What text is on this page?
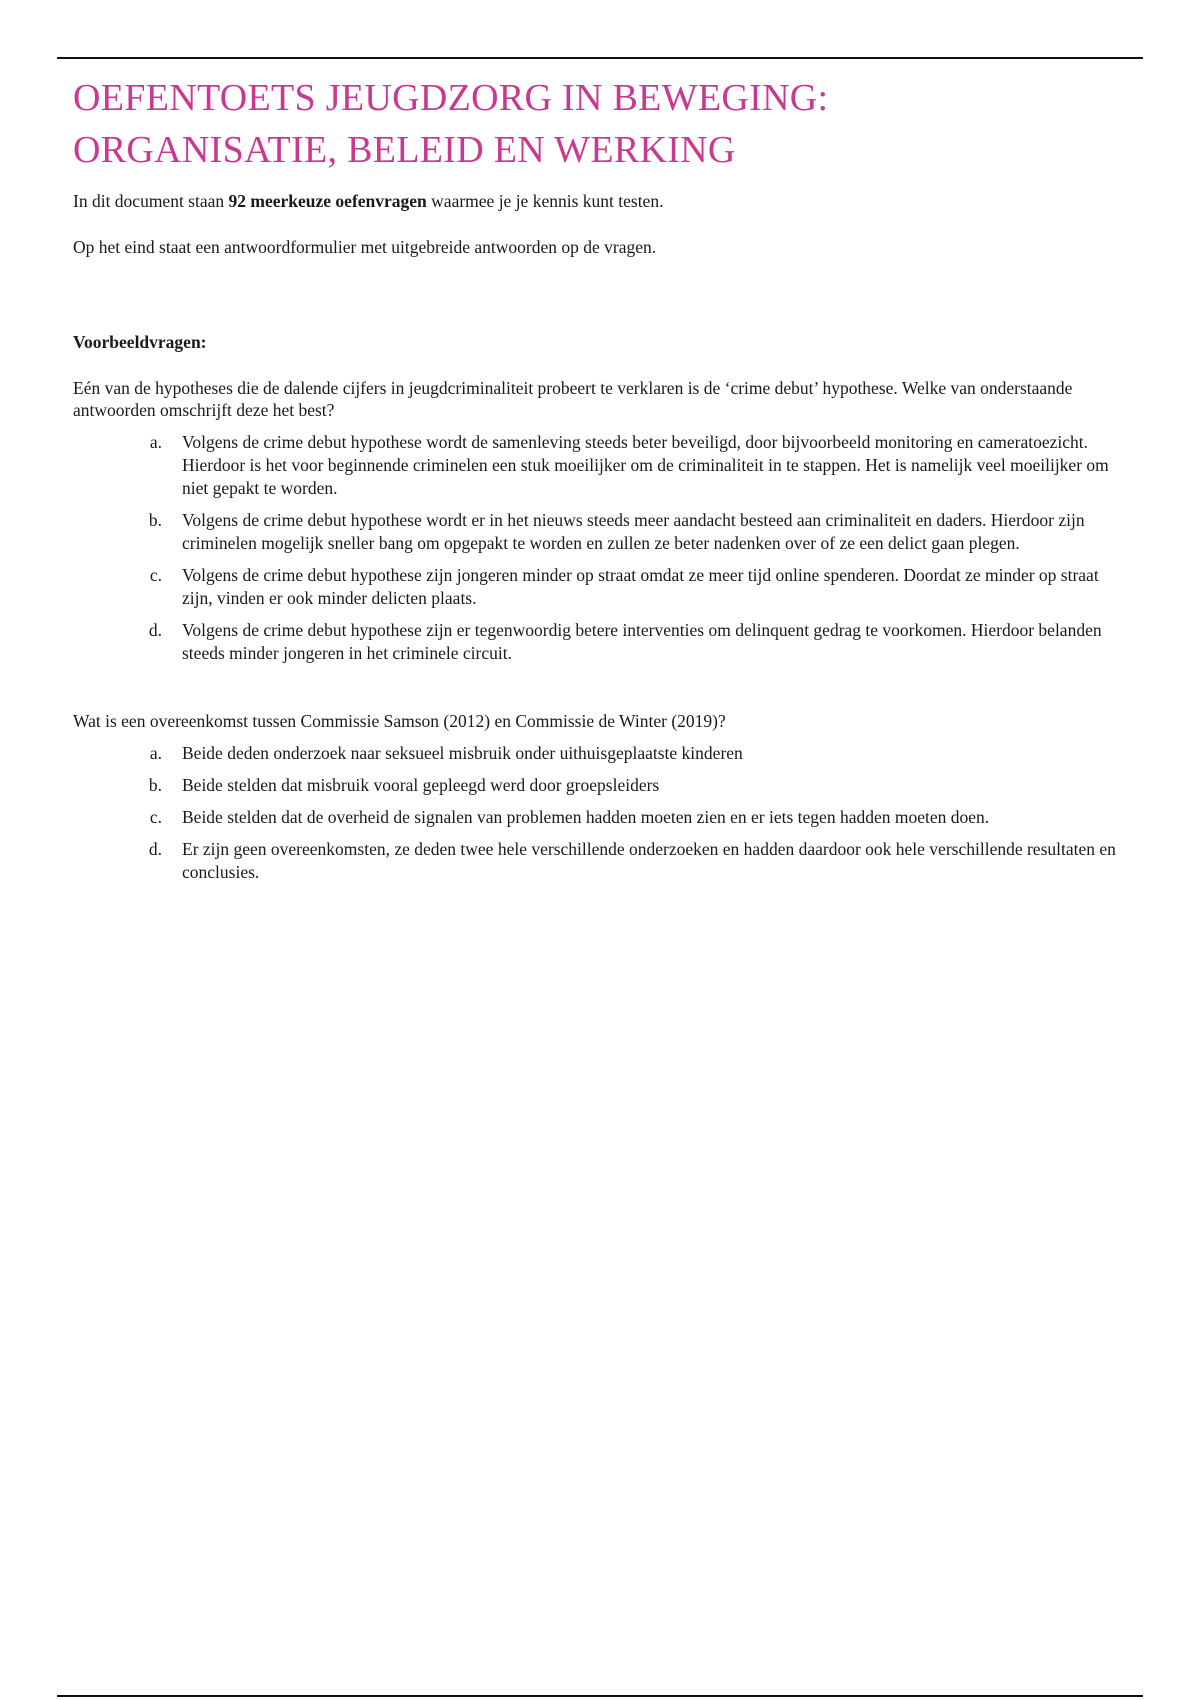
OEFENTOETS JEUGDZORG IN BEWEGING:
ORGANISATIE, BELEID EN WERKING

In dit document staan 92 meerkeuze oefenvragen waarmee je je kennis kunt testen.

Op het eind staat een antwoordformulier met uitgebreide antwoorden op de vragen.

Voorbeeldvragen:

Eén van de hypotheses die de dalende cijfers in jeugdcriminaliteit probeert te verklaren is de ‘crime debut’ hypothese. Welke van onderstaande antwoorden omschrijft deze het best?

a.	Volgens de crime debut hypothese wordt de samenleving steeds beter beveiligd, door bijvoorbeeld monitoring en cameratoezicht. Hierdoor is het voor beginnende criminelen een stuk moeilijker om de criminaliteit in te stappen. Het is namelijk veel moeilijker om niet gepakt te worden.
b.	Volgens de crime debut hypothese wordt er in het nieuws steeds meer aandacht besteed aan criminaliteit en daders. Hierdoor zijn criminelen mogelijk sneller bang om opgepakt te worden en zullen ze beter nadenken over of ze een delict gaan plegen.
c.	Volgens de crime debut hypothese zijn jongeren minder op straat omdat ze meer tijd online spenderen. Doordat ze minder op straat zijn, vinden er ook minder delicten plaats.
d.	Volgens de crime debut hypothese zijn er tegenwoordig betere interventies om delinquent gedrag te voorkomen. Hierdoor belanden steeds minder jongeren in het criminele circuit.

Wat is een overeenkomst tussen Commissie Samson (2012) en Commissie de Winter (2019)?

a.	Beide deden onderzoek naar seksueel misbruik onder uithuisgeplaatste kinderen
b.	Beide stelden dat misbruik vooral gepleegd werd door groepsleiders
c.	Beide stelden dat de overheid de signalen van problemen hadden moeten zien en er iets tegen hadden moeten doen.
d.	Er zijn geen overeenkomsten, ze deden twee hele verschillende onderzoeken en hadden daardoor ook hele verschillende resultaten en conclusies.
